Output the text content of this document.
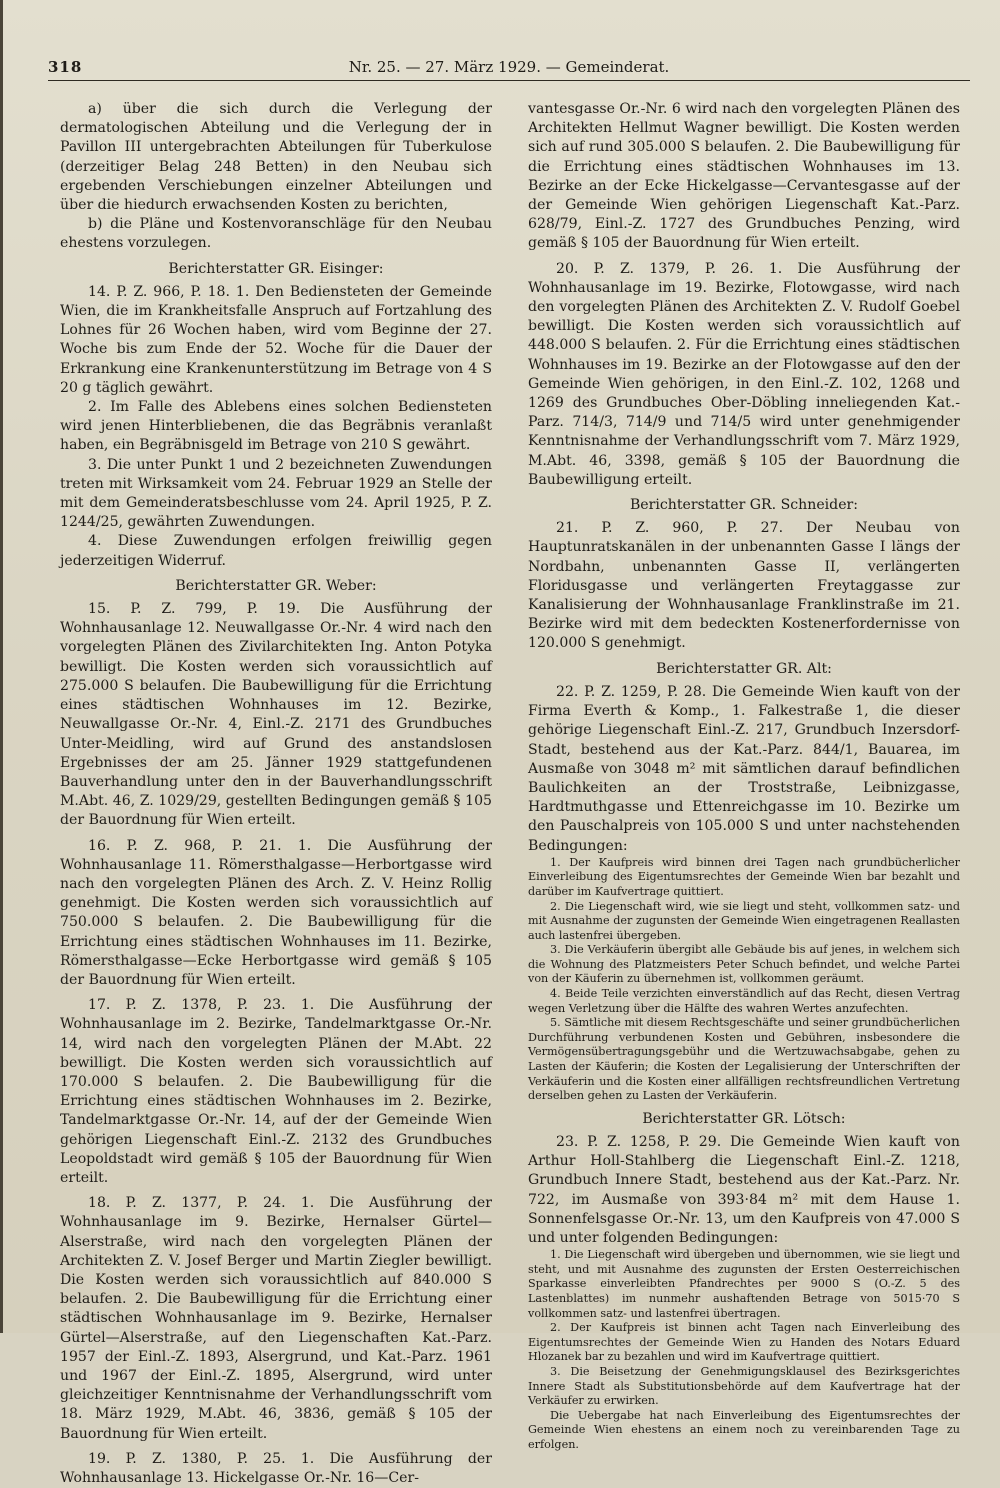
318	Nr. 25. — 27. März 1929. — Gemeinderat.

a) über die sich durch die Verlegung der dermatologischen Abteilung und die Verlegung der in Pavillon III untergebrachten Abteilungen für Tuberkulose (derzeitiger Belag 248 Betten) in den Neubau sich ergebenden Verschiebungen einzelner Abteilungen und über die hiedurch erwachsenden Kosten zu berichten,

b) die Pläne und Kostenvoranschläge für den Neubau ehestens vorzulegen.

Berichterstatter GR. Eisinger:

14. P. Z. 966, P. 18. 1. Den Bediensteten der Gemeinde Wien, die im Krankheitsfalle Anspruch auf Fortzahlung des Lohnes für 26 Wochen haben, wird vom Beginne der 27. Woche bis zum Ende der 52. Woche für die Dauer der Erkrankung eine Krankenunterstützung im Betrage von 4 S 20 g täglich gewährt.

2. Im Falle des Ablebens eines solchen Bediensteten wird jenen Hinterbliebenen, die das Begräbnis veranlaßt haben, ein Begräbnisgeld im Betrage von 210 S gewährt.

3. Die unter Punkt 1 und 2 bezeichneten Zuwendungen treten mit Wirksamkeit vom 24. Februar 1929 an Stelle der mit dem Gemeinderatsbeschlusse vom 24. April 1925, P. Z. 1244/25, gewährten Zuwendungen.

4. Diese Zuwendungen erfolgen freiwillig gegen jederzeitigen Widerruf.

Berichterstatter GR. Weber:

15. P. Z. 799, P. 19. Die Ausführung der Wohnhausanlage 12. Neuwallgasse Or.-Nr. 4 wird nach den vorgelegten Plänen des Zivilarchitekten Ing. Anton Potyka bewilligt. Die Kosten werden sich voraussichtlich auf 275.000 S belaufen. Die Baubewilligung für die Errichtung eines städtischen Wohnhauses im 12. Bezirke, Neuwallgasse Or.-Nr. 4, Einl.-Z. 2171 des Grundbuches Unter-Meidling, wird auf Grund des anstandslosen Ergebnisses der am 25. Jänner 1929 stattgefundenen Bauverhandlung unter den in der Bauverhandlungsschrift M.Abt. 46, Z. 1029/29, gestellten Bedingungen gemäß § 105 der Bauordnung für Wien erteilt.

16. P. Z. 968, P. 21. 1. Die Ausführung der Wohnhausanlage 11. Römersthalgasse—Herbortgasse wird nach den vorgelegten Plänen des Arch. Z. V. Heinz Rollig genehmigt. Die Kosten werden sich voraussichtlich auf 750.000 S belaufen. 2. Die Baubewilligung für die Errichtung eines städtischen Wohnhauses im 11. Bezirke, Römersthalgasse—Ecke Herbortgasse wird gemäß § 105 der Bauordnung für Wien erteilt.

17. P. Z. 1378, P. 23. 1. Die Ausführung der Wohnhausanlage im 2. Bezirke, Tandelmarktgasse Or.-Nr. 14, wird nach den vorgelegten Plänen der M.Abt. 22 bewilligt. Die Kosten werden sich voraussichtlich auf 170.000 S belaufen. 2. Die Baubewilligung für die Errichtung eines städtischen Wohnhauses im 2. Bezirke, Tandelmarktgasse Or.-Nr. 14, auf der der Gemeinde Wien gehörigen Liegenschaft Einl.-Z. 2132 des Grundbuches Leopoldstadt wird gemäß § 105 der Bauordnung für Wien erteilt.

18. P. Z. 1377, P. 24. 1. Die Ausführung der Wohnhausanlage im 9. Bezirke, Hernalser Gürtel—Alserstraße, wird nach den vorgelegten Plänen der Architekten Z. V. Josef Berger und Martin Ziegler bewilligt. Die Kosten werden sich voraussichtlich auf 840.000 S belaufen. 2. Die Baubewilligung für die Errichtung einer städtischen Wohnhausanlage im 9. Bezirke, Hernalser Gürtel—Alserstraße, auf den Liegenschaften Kat.-Parz. 1957 der Einl.-Z. 1893, Alsergrund, und Kat.-Parz. 1961 und 1967 der Einl.-Z. 1895, Alsergrund, wird unter gleichzeitiger Kenntnisnahme der Verhandlungsschrift vom 18. März 1929, M.Abt. 46, 3836, gemäß § 105 der Bauordnung für Wien erteilt.

19. P. Z. 1380, P. 25. 1. Die Ausführung der Wohnhausanlage 13. Hickelgasse Or.-Nr. 16—Cer-

vantesgasse Or.-Nr. 6 wird nach den vorgelegten Plänen des Architekten Hellmut Wagner bewilligt. Die Kosten werden sich auf rund 305.000 S belaufen. 2. Die Baubewilligung für die Errichtung eines städtischen Wohnhauses im 13. Bezirke an der Ecke Hickelgasse—Cervantesgasse auf der der Gemeinde Wien gehörigen Liegenschaft Kat.-Parz. 628/79, Einl.-Z. 1727 des Grundbuches Penzing, wird gemäß § 105 der Bauordnung für Wien erteilt.

20. P. Z. 1379, P. 26. 1. Die Ausführung der Wohnhausanlage im 19. Bezirke, Flotowgasse, wird nach den vorgelegten Plänen des Architekten Z. V. Rudolf Goebel bewilligt. Die Kosten werden sich voraussichtlich auf 448.000 S belaufen. 2. Für die Errichtung eines städtischen Wohnhauses im 19. Bezirke an der Flotowgasse auf den der Gemeinde Wien gehörigen, in den Einl.-Z. 102, 1268 und 1269 des Grundbuches Ober-Döbling inneliegenden Kat.-Parz. 714/3, 714/9 und 714/5 wird unter genehmigender Kenntnisnahme der Verhandlungsschrift vom 7. März 1929, M.Abt. 46, 3398, gemäß § 105 der Bauordnung die Baubewilligung erteilt.

Berichterstatter GR. Schneider:

21. P. Z. 960, P. 27. Der Neubau von Hauptunratskanälen in der unbenannten Gasse I längs der Nordbahn, unbenannten Gasse II, verlängerten Floridusgasse und verlängerten Freytaggasse zur Kanalisierung der Wohnhausanlage Franklinstraße im 21. Bezirke wird mit dem bedeckten Kostenerfordernisse von 120.000 S genehmigt.

Berichterstatter GR. Alt:

22. P. Z. 1259, P. 28. Die Gemeinde Wien kauft von der Firma Everth & Komp., 1. Falkestraße 1, die dieser gehörige Liegenschaft Einl.-Z. 217, Grundbuch Inzersdorf-Stadt, bestehend aus der Kat.-Parz. 844/1, Bauarea, im Ausmaße von 3048 m² mit sämtlichen darauf befindlichen Baulichkeiten an der Troststraße, Leibnizgasse, Hardtmuthgasse und Ettenreichgasse im 10. Bezirke um den Pauschalpreis von 105.000 S und unter nachstehenden Bedingungen:

1. Der Kaufpreis wird binnen drei Tagen nach grundbücherlicher Einverleibung des Eigentumsrechtes der Gemeinde Wien bar bezahlt und darüber im Kaufvertrage quittiert.

2. Die Liegenschaft wird, wie sie liegt und steht, vollkommen satz- und mit Ausnahme der zugunsten der Gemeinde Wien eingetragenen Reallasten auch lastenfrei übergeben.

3. Die Verkäuferin übergibt alle Gebäude bis auf jenes, in welchem sich die Wohnung des Platzmeisters Peter Schuch befindet, und welche Partei von der Käuferin zu übernehmen ist, vollkommen geräumt.

4. Beide Teile verzichten einverständlich auf das Recht, diesen Vertrag wegen Verletzung über die Hälfte des wahren Wertes anzufechten.

5. Sämtliche mit diesem Rechtsgeschäfte und seiner grundbücherlichen Durchführung verbundenen Kosten und Gebühren, insbesondere die Vermögensübertragungsgebühr und die Wertzuwachsabgabe, gehen zu Lasten der Käuferin; die Kosten der Legalisierung der Unterschriften der Verkäuferin und die Kosten einer allfälligen rechtsfreundlichen Vertretung derselben gehen zu Lasten der Verkäuferin.

Berichterstatter GR. Lötsch:

23. P. Z. 1258, P. 29. Die Gemeinde Wien kauft von Arthur Holl-Stahlberg die Liegenschaft Einl.-Z. 1218, Grundbuch Innere Stadt, bestehend aus der Kat.-Parz. Nr. 722, im Ausmaße von 393·84 m² mit dem Hause 1. Sonnenfelsgasse Or.-Nr. 13, um den Kaufpreis von 47.000 S und unter folgenden Bedingungen:

1. Die Liegenschaft wird übergeben und übernommen, wie sie liegt und steht, und mit Ausnahme des zugunsten der Ersten Oesterreichischen Sparkasse einverleibten Pfandrechtes per 9000 S (O.-Z. 5 des Lastenblattes) im nunmehr aushaftenden Betrage von 5015·70 S vollkommen satz- und lastenfrei übertragen.

2. Der Kaufpreis ist binnen acht Tagen nach Einverleibung des Eigentumsrechtes der Gemeinde Wien zu Handen des Notars Eduard Hlozanek bar zu bezahlen und wird im Kaufvertrage quittiert.

3. Die Beisetzung der Genehmigungsklausel des Bezirksgerichtes Innere Stadt als Substitutionsbehörde auf dem Kaufvertrage hat der Verkäufer zu erwirken.

Die Uebergabe hat nach Einverleibung des Eigentumsrechtes der Gemeinde Wien ehestens an einem noch zu vereinbarenden Tage zu erfolgen.
